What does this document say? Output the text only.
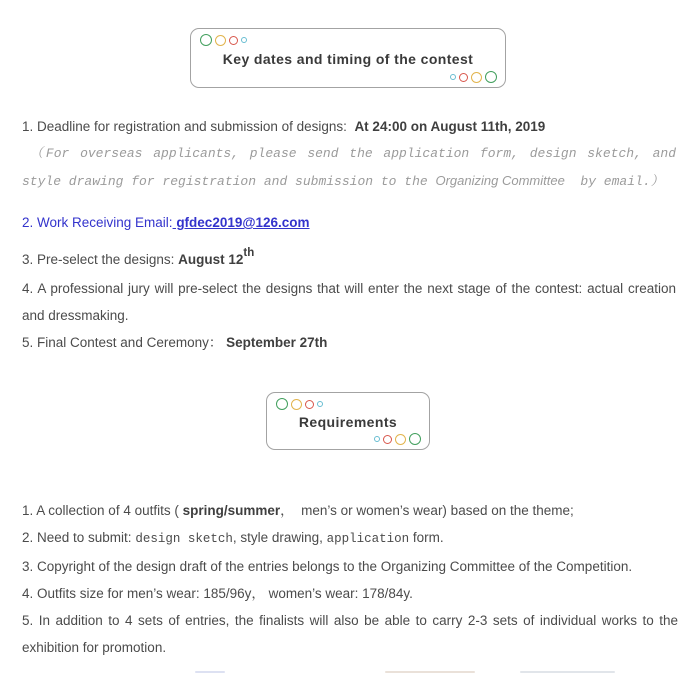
Key dates and timing of the contest

1. Deadline for registration and submission of designs:  At 24:00 on August 11th, 2019

（For overseas applicants, please send the application form, design sketch, and style drawing for registration and submission to the Organizing Committee  by email.）

2. Work Receiving Email: gfdec2019@126.com

3. Pre-select the designs: August 12th

4. A professional jury will pre-select the designs that will enter the next stage of the contest: actual creation and dressmaking.

5. Final Contest and Ceremony： September 27th

Requirements

1. A collection of 4 outfits ( spring/summer，  men’s or women’s wear) based on the theme;

2. Need to submit: design sketch, style drawing, application form.

3. Copyright of the design draft of the entries belongs to the Organizing Committee of the Competition.

4. Outfits size for men’s wear: 185/96y， women’s wear: 178/84y.

5. In addition to 4 sets of entries, the finalists will also be able to carry 2-3 sets of individual works to the exhibition for promotion.
